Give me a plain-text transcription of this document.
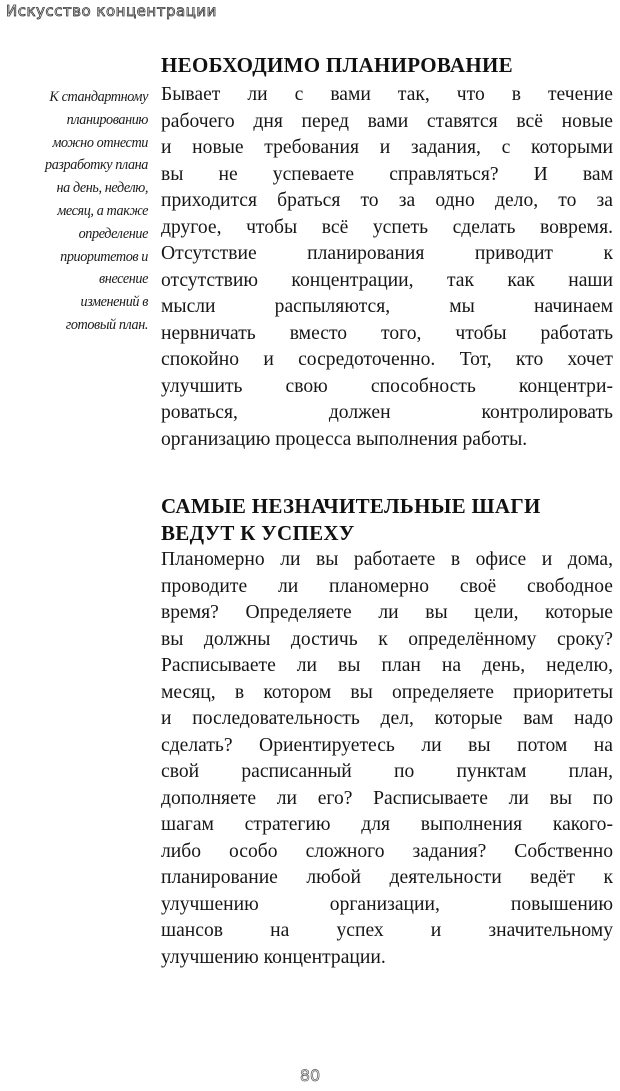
Искусство концентрации
К стандартному
планированию
можно отнести
разработку плана
на день, неделю,
месяц, а также
определение
приоритетов и
внесение
изменений в
готовый план.
НЕОБХОДИМО ПЛАНИРОВАНИЕ
Бывает ли с вами так, что в течение
рабочего дня перед вами ставятся всё новые
и новые требования и задания, с которыми
вы не успеваете справляться? И вам
приходится браться то за одно дело, то за
другое, чтобы всё успеть сделать вовремя.
Отсутствие планирования приводит к
отсутствию концентрации, так как наши
мысли распыляются, мы начинаем
нервничать вместо того, чтобы работать
спокойно и сосредоточенно. Тот, кто хочет
улучшить свою способность концентри-
роваться, должен контролировать
организацию процесса выполнения работы.
САМЫЕ НЕЗНАЧИТЕЛЬНЫЕ ШАГИ
ВЕДУТ К УСПЕХУ
Планомерно ли вы работаете в офисе и дома,
проводите ли планомерно своё свободное
время? Определяете ли вы цели, которые
вы должны достичь к определённому сроку?
Расписываете ли вы план на день, неделю,
месяц, в котором вы определяете приоритеты
и последовательность дел, которые вам надо
сделать? Ориентируетесь ли вы потом на
свой расписанный по пунктам план,
дополняете ли его? Расписываете ли вы по
шагам стратегию для выполнения какого-
либо особо сложного задания? Собственно
планирование любой деятельности ведёт к
улучшению организации, повышению
шансов на успех и значительному
улучшению концентрации.
80
